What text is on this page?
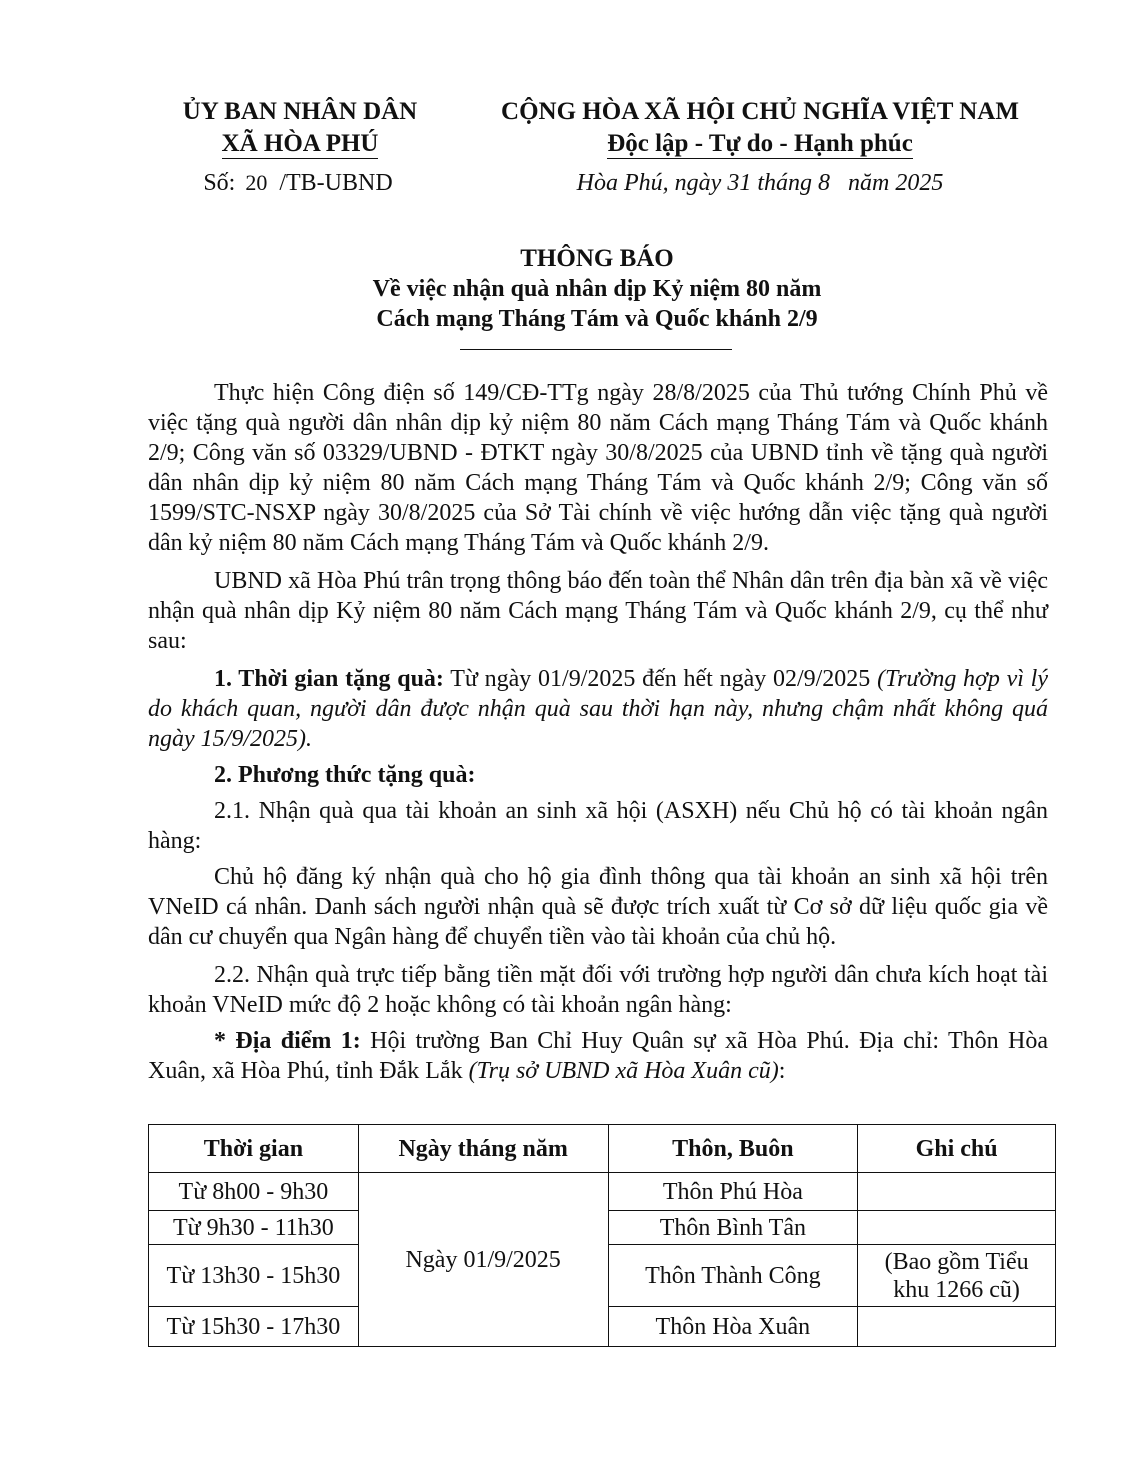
ỦY BAN NHÂN DÂN
XÃ HÒA PHÚ
CỘNG HÒA XÃ HỘI CHỦ NGHĨA VIỆT NAM
Độc lập - Tự do - Hạnh phúc
Số: 20 /TB-UBND	Hòa Phú, ngày 31 tháng 8   năm 2025
THÔNG BÁO
Về việc nhận quà nhân dịp Kỷ niệm 80 năm
Cách mạng Tháng Tám và Quốc khánh 2/9

Thực hiện Công điện số 149/CĐ-TTg ngày 28/8/2025 của Thủ tướng Chính Phủ về việc tặng quà người dân nhân dịp kỷ niệm 80 năm Cách mạng Tháng Tám và Quốc khánh 2/9; Công văn số 03329/UBND - ĐTKT ngày 30/8/2025 của UBND tỉnh về tặng quà người dân nhân dịp kỷ niệm 80 năm Cách mạng Tháng Tám và Quốc khánh 2/9; Công văn số 1599/STC-NSXP ngày 30/8/2025 của Sở Tài chính về việc hướng dẫn việc tặng quà người dân kỷ niệm 80 năm Cách mạng Tháng Tám và Quốc khánh 2/9.

UBND xã Hòa Phú trân trọng thông báo đến toàn thể Nhân dân trên địa bàn xã về việc nhận quà nhân dịp Kỷ niệm 80 năm Cách mạng Tháng Tám và Quốc khánh 2/9, cụ thể như sau:

1. Thời gian tặng quà: Từ ngày 01/9/2025 đến hết ngày 02/9/2025 (Trường hợp vì lý do khách quan, người dân được nhận quà sau thời hạn này, nhưng chậm nhất không quá ngày 15/9/2025).

2. Phương thức tặng quà:

2.1. Nhận quà qua tài khoản an sinh xã hội (ASXH) nếu Chủ hộ có tài khoản ngân hàng:

Chủ hộ đăng ký nhận quà cho hộ gia đình thông qua tài khoản an sinh xã hội trên VNeID cá nhân. Danh sách người nhận quà sẽ được trích xuất từ Cơ sở dữ liệu quốc gia về dân cư chuyển qua Ngân hàng để chuyển tiền vào tài khoản của chủ hộ.

2.2. Nhận quà trực tiếp bằng tiền mặt đối với trường hợp người dân chưa kích hoạt tài khoản VNeID mức độ 2 hoặc không có tài khoản ngân hàng:

* Địa điểm 1: Hội trường Ban Chỉ Huy Quân sự xã Hòa Phú. Địa chỉ: Thôn Hòa Xuân, xã Hòa Phú, tỉnh Đắk Lắk (Trụ sở UBND xã Hòa Xuân cũ):

Thời gian	Ngày tháng năm	Thôn, Buôn	Ghi chú
Từ 8h00 - 9h30	Ngày 01/9/2025	Thôn Phú Hòa	
Từ 9h30 - 11h30		Thôn Bình Tân	
Từ 13h30 - 15h30		Thôn Thành Công	(Bao gồm Tiểu khu 1266 cũ)
Từ 15h30 - 17h30		Thôn Hòa Xuân	
